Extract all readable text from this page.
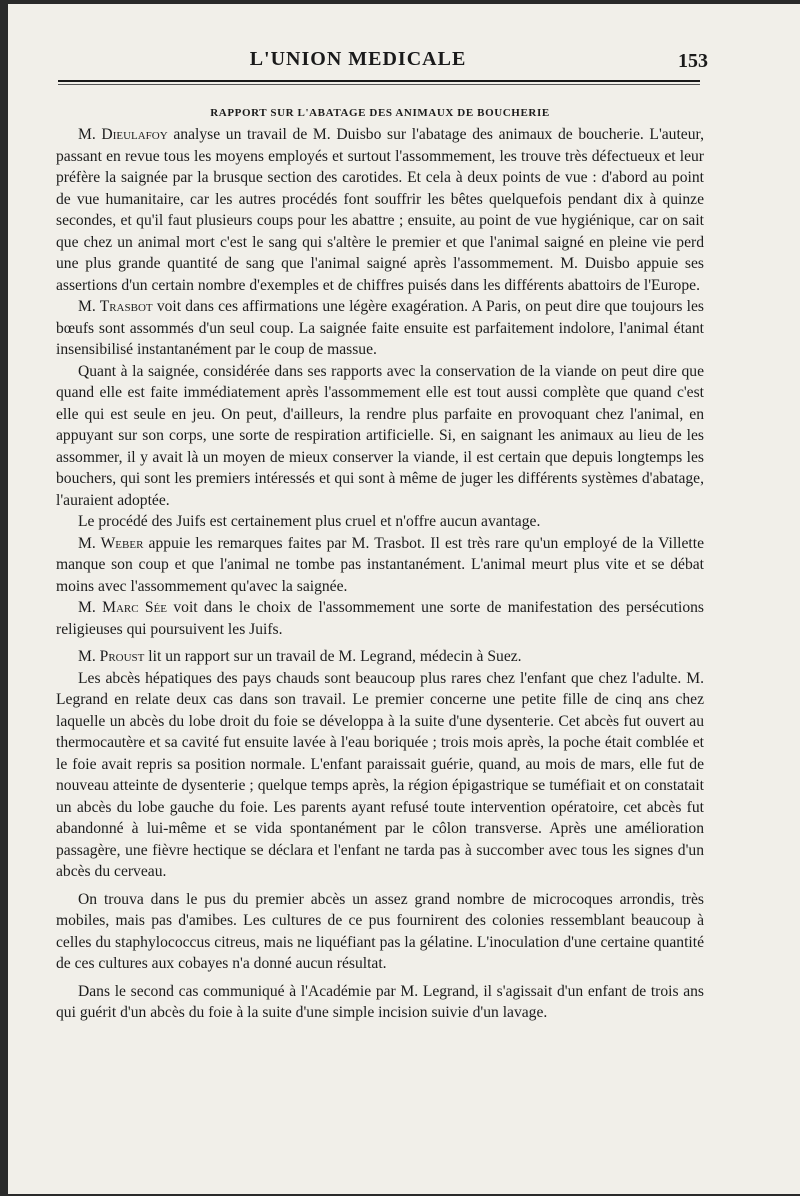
L'UNION MEDICALE	153
RAPPORT SUR L'ABATAGE DES ANIMAUX DE BOUCHERIE

M. Dieulafoy analyse un travail de M. Duisbo sur l'abatage des animaux de boucherie. L'auteur, passant en revue tous les moyens employés et surtout l'assommement, les trouve très défectueux et leur préfère la saignée par la brusque section des carotides. Et cela à deux points de vue : d'abord au point de vue humanitaire, car les autres procédés font souffrir les bêtes quelquefois pendant dix à quinze secondes, et qu'il faut plusieurs coups pour les abattre ; ensuite, au point de vue hygiénique, car on sait que chez un animal mort c'est le sang qui s'altère le premier et que l'animal saigné en pleine vie perd une plus grande quantité de sang que l'animal saigné après l'assommement. M. Duisbo appuie ses assertions d'un certain nombre d'exemples et de chiffres puisés dans les différents abattoirs de l'Europe.

M. Trasbot voit dans ces affirmations une légère exagération. A Paris, on peut dire que toujours les bœufs sont assommés d'un seul coup. La saignée faite ensuite est parfaitement indolore, l'animal étant insensibilisé instantanément par le coup de massue.

Quant à la saignée, considérée dans ses rapports avec la conservation de la viande on peut dire que quand elle est faite immédiatement après l'assommement elle est tout aussi complète que quand c'est elle qui est seule en jeu. On peut, d'ailleurs, la rendre plus parfaite en provoquant chez l'animal, en appuyant sur son corps, une sorte de respiration artificielle. Si, en saignant les animaux au lieu de les assommer, il y avait là un moyen de mieux conserver la viande, il est certain que depuis longtemps les bouchers, qui sont les premiers intéressés et qui sont à même de juger les différents systèmes d'abatage, l'auraient adoptée.

Le procédé des Juifs est certainement plus cruel et n'offre aucun avantage.

M. Weber appuie les remarques faites par M. Trasbot. Il est très rare qu'un employé de la Villette manque son coup et que l'animal ne tombe pas instantanément. L'animal meurt plus vite et se débat moins avec l'assommement qu'avec la saignée.

M. Marc Sée voit dans le choix de l'assommement une sorte de manifestation des persécutions religieuses qui poursuivent les Juifs.

M. Proust lit un rapport sur un travail de M. Legrand, médecin à Suez.

Les abcès hépatiques des pays chauds sont beaucoup plus rares chez l'enfant que chez l'adulte. M. Legrand en relate deux cas dans son travail. Le premier concerne une petite fille de cinq ans chez laquelle un abcès du lobe droit du foie se développa à la suite d'une dysenterie. Cet abcès fut ouvert au thermocautère et sa cavité fut ensuite lavée à l'eau boriquée ; trois mois après, la poche était comblée et le foie avait repris sa position normale. L'enfant paraissait guérie, quand, au mois de mars, elle fut de nouveau atteinte de dysenterie ; quelque temps après, la région épigastrique se tuméfiait et on constatait un abcès du lobe gauche du foie. Les parents ayant refusé toute intervention opératoire, cet abcès fut abandonné à lui-même et se vida spontanément par le côlon transverse. Après une amélioration passagère, une fièvre hectique se déclara et l'enfant ne tarda pas à succomber avec tous les signes d'un abcès du cerveau.

On trouva dans le pus du premier abcès un assez grand nombre de microcoques arrondis, très mobiles, mais pas d'amibes. Les cultures de ce pus fournirent des colonies ressemblant beaucoup à celles du staphylococcus citreus, mais ne liquéfiant pas la gélatine. L'inoculation d'une certaine quantité de ces cultures aux cobayes n'a donné aucun résultat.

Dans le second cas communiqué à l'Académie par M. Legrand, il s'agissait d'un enfant de trois ans qui guérit d'un abcès du foie à la suite d'une simple incision suivie d'un lavage.
